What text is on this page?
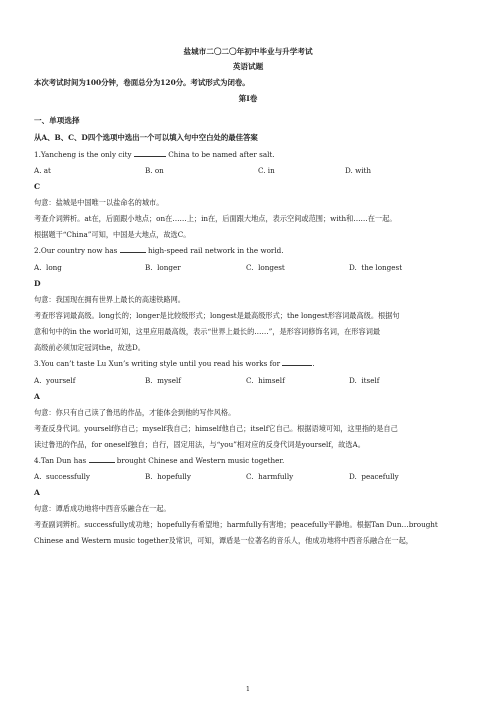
盐城市二〇二〇年初中毕业与升学考试
英语试题
本次考试时间为100分钟，卷面总分为120分。考试形式为闭卷。
第Ⅰ卷
一、单项选择
从A、B、C、D四个选项中选出一个可以填入句中空白处的最佳答案
1.Yancheng is the only city	China to be named after salt.
A. at	B. on	C. in	D. with
C
句意：盐城是中国唯一以盐命名的城市。
考查介词辨析。at在，后面跟小地点；on在……上；in在，后面跟大地点，表示空间或范围；with和……在一起。
根据题干“China”可知，中国是大地点，故选C。
2.Our country now has	high-speed rail network in the world.
A.  long	B.  longer	C.  longest	D.  the longest
D
句意：我国现在拥有世界上最长的高速铁路网。
考查形容词最高级。long长的；longer是比较级形式；longest是最高级形式；the longest形容词最高级。根据句
意和句中的in the world可知，这里应用最高级，表示“世界上最长的……”，是形容词修饰名词，在形容词最
高级前必须加定冠词the，故选D。
3.You can’t taste Lu Xun’s writing style until you read his works for	.
A.  yourself	B.  myself	C.  himself	D.  itself
A
句意：你只有自己读了鲁迅的作品，才能体会到他的写作风格。
考查反身代词。yourself你自己；myself我自己；himself他自己；itself它自己。根据语境可知，这里指的是自己
读过鲁迅的作品，for oneself独自；自行，固定用法，与“you”相对应的反身代词是yourself，故选A。
4.Tan Dun has	brought Chinese and Western music together.
A.  successfully	B.  hopefully	C.  harmfully	D.  peacefully
A
句意：谭盾成功地将中西音乐融合在一起。
考查副词辨析。successfully成功地；hopefully有希望地；harmfully有害地；peacefully平静地。根据Tan Dun…brought
Chinese and Western music together及常识，可知，谭盾是一位著名的音乐人，他成功地将中西音乐融合在一起，
1
